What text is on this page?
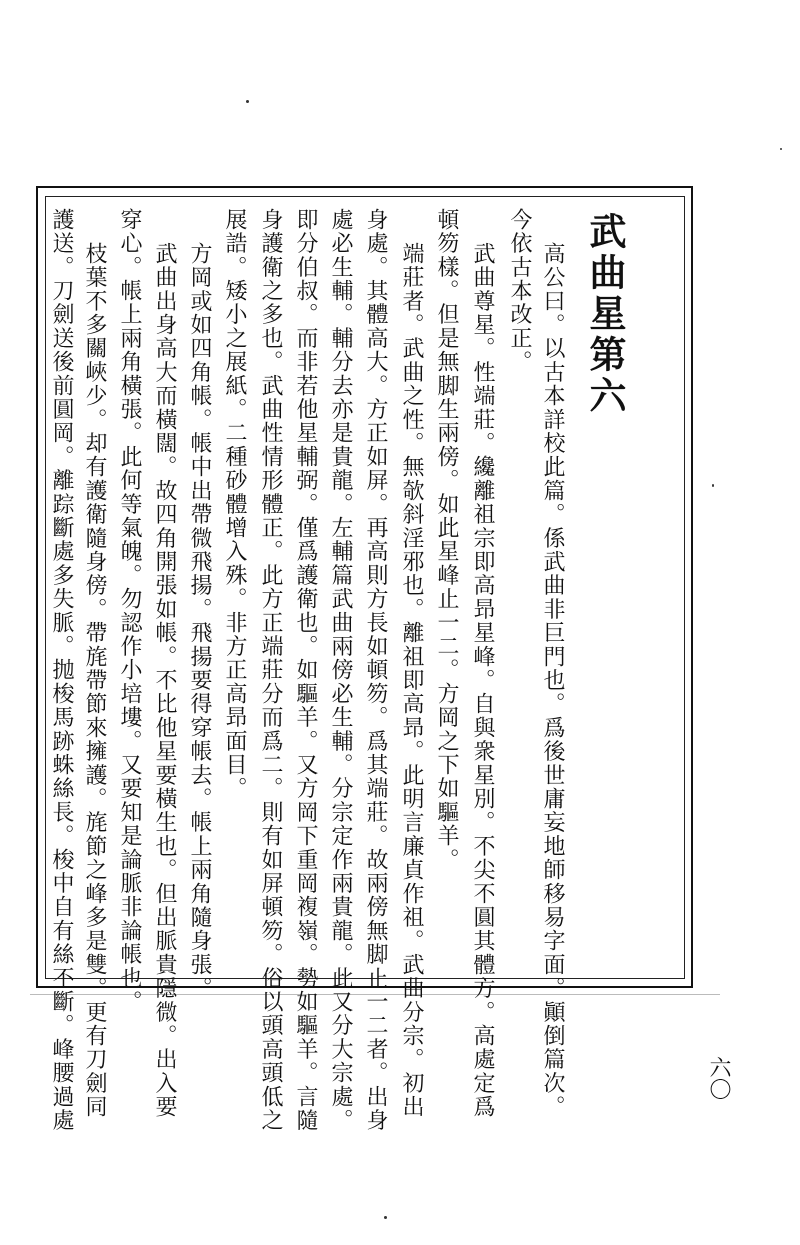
武曲星第六
高公曰。以古本詳校此篇。係武曲非巨門也。爲後世庸妄地師移易字面。顚倒篇次。
今依古本改正。
武曲尊星。性端莊。纔離祖宗即高昻星峰。自與衆星別。不尖不圓其體方。高處定爲
頓笏樣。但是無脚生兩傍。如此星峰止一二。方岡之下如驅羊。
端莊者。武曲之性。無欹斜淫邪也。離祖即高昻。此明言廉貞作祖。武曲分宗。初出
身處。其體高大。方正如屏。再高則方長如頓笏。爲其端莊。故兩傍無脚止一二者。出身
處必生輔。輔分去亦是貴龍。左輔篇武曲兩傍必生輔。分宗定作兩貴龍。此又分大宗處。
即分伯叔。而非若他星輔弼。僅爲護衛也。如驅羊。又方岡下重岡複嶺。勢如驅羊。言隨
身護衛之多也。武曲性情形體正。此方正端莊分而爲二。則有如屏頓笏。俗以頭高頭低之
展誥。矮小之展紙。二種砂體增入殊。非方正高昻面目。
方岡或如四角帳。帳中出帶微飛揚。飛揚要得穿帳去。帳上兩角隨身張。
武曲出身高大而橫闊。故四角開張如帳。不比他星要橫生也。但出脈貴隱微。出入要
穿心。帳上兩角橫張。此何等氣魄。勿認作小培塿。又要知是論脈非論帳也。
枝葉不多關峽少。却有護衛隨身傍。帶旄帶節來擁護。旄節之峰多是雙。更有刀劍同
護送。刀劍送後前圓岡。離踪斷處多失脈。抛梭馬跡蛛絲長。梭中自有絲不斷。峰腰過處	六〇
